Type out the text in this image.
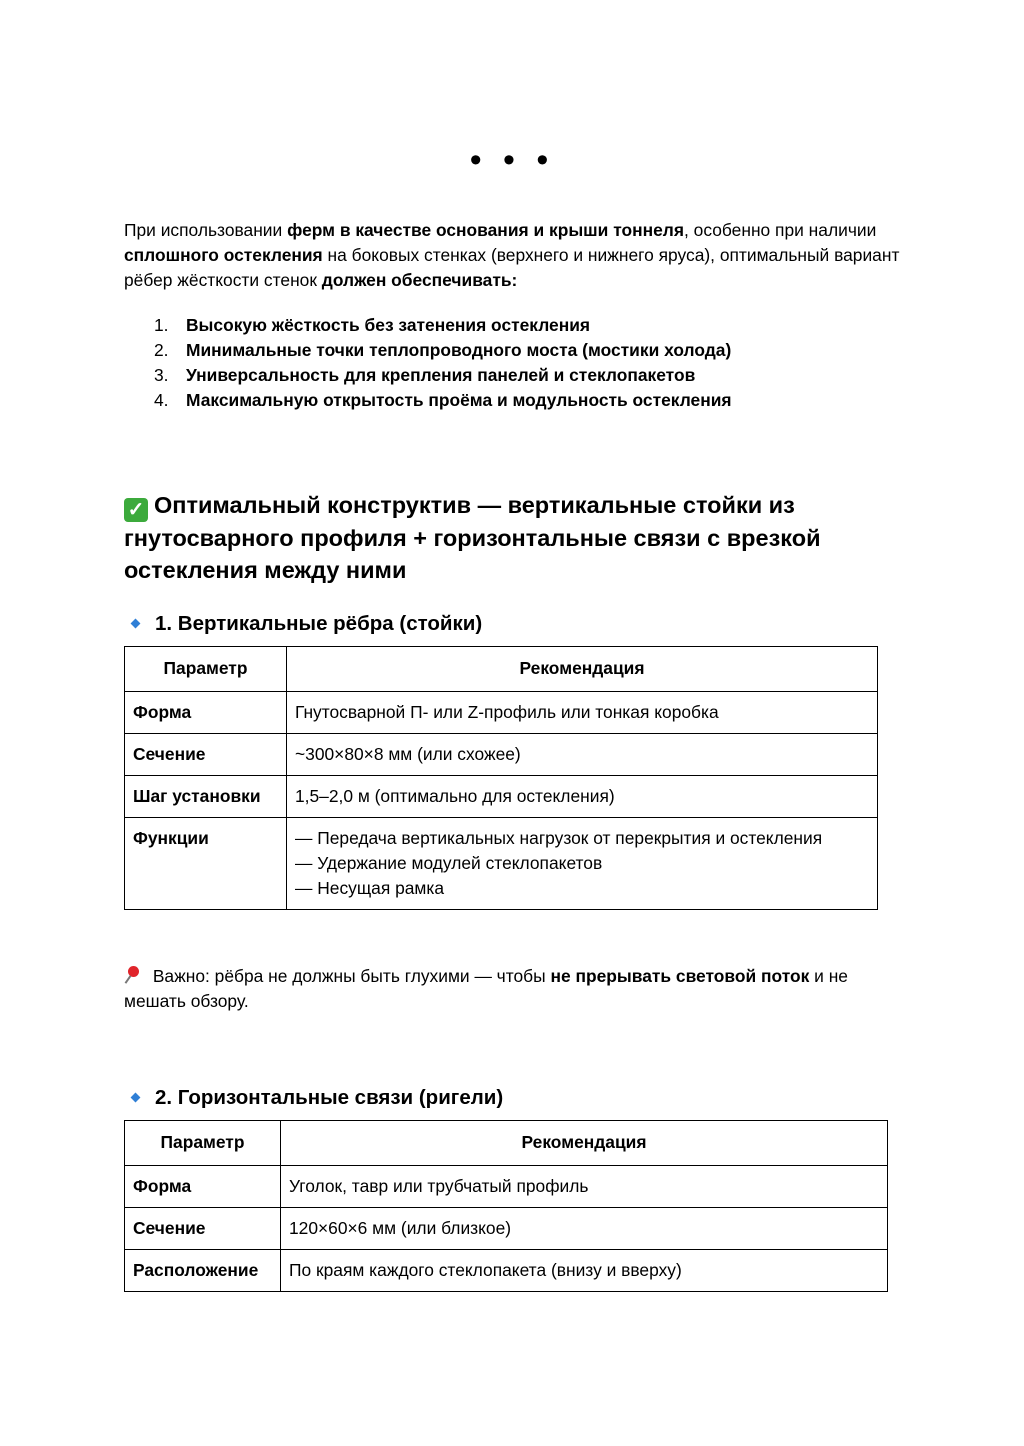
• • •

При использовании ферм в качестве основания и крыши тоннеля, особенно при наличии сплошного остекления на боковых стенках (верхнего и нижнего яруса), оптимальный вариант рёбер жёсткости стенок должен обеспечивать:

1. Высокую жёсткость без затенения остекления
2. Минимальные точки теплопроводного моста (мостики холода)
3. Универсальность для крепления панелей и стеклопакетов
4. Максимальную открытость проёма и модульность остекления
✓ Оптимальный конструктив — вертикальные стойки из гнутосварного профиля + горизонтальные связи с врезкой остекления между ними
1. Вертикальные рёбра (стойки)
Параметр	Рекомендация
Форма	Гнутосварной П- или Z-профиль или тонкая коробка
Сечение	~300×80×8 мм (или схожее)
Шаг установки	1,5–2,0 м (оптимально для остекления)
Функции	— Передача вертикальных нагрузок от перекрытия и остекления
— Удержание модулей стеклопакетов
— Несущая рамка

Важно: рёбра не должны быть глухими — чтобы не прерывать световой поток и не мешать обзору.

2. Горизонтальные связи (ригели)
Параметр	Рекомендация
Форма	Уголок, тавр или трубчатый профиль
Сечение	120×60×6 мм (или близкое)
Расположение	По краям каждого стеклопакета (внизу и вверху)
